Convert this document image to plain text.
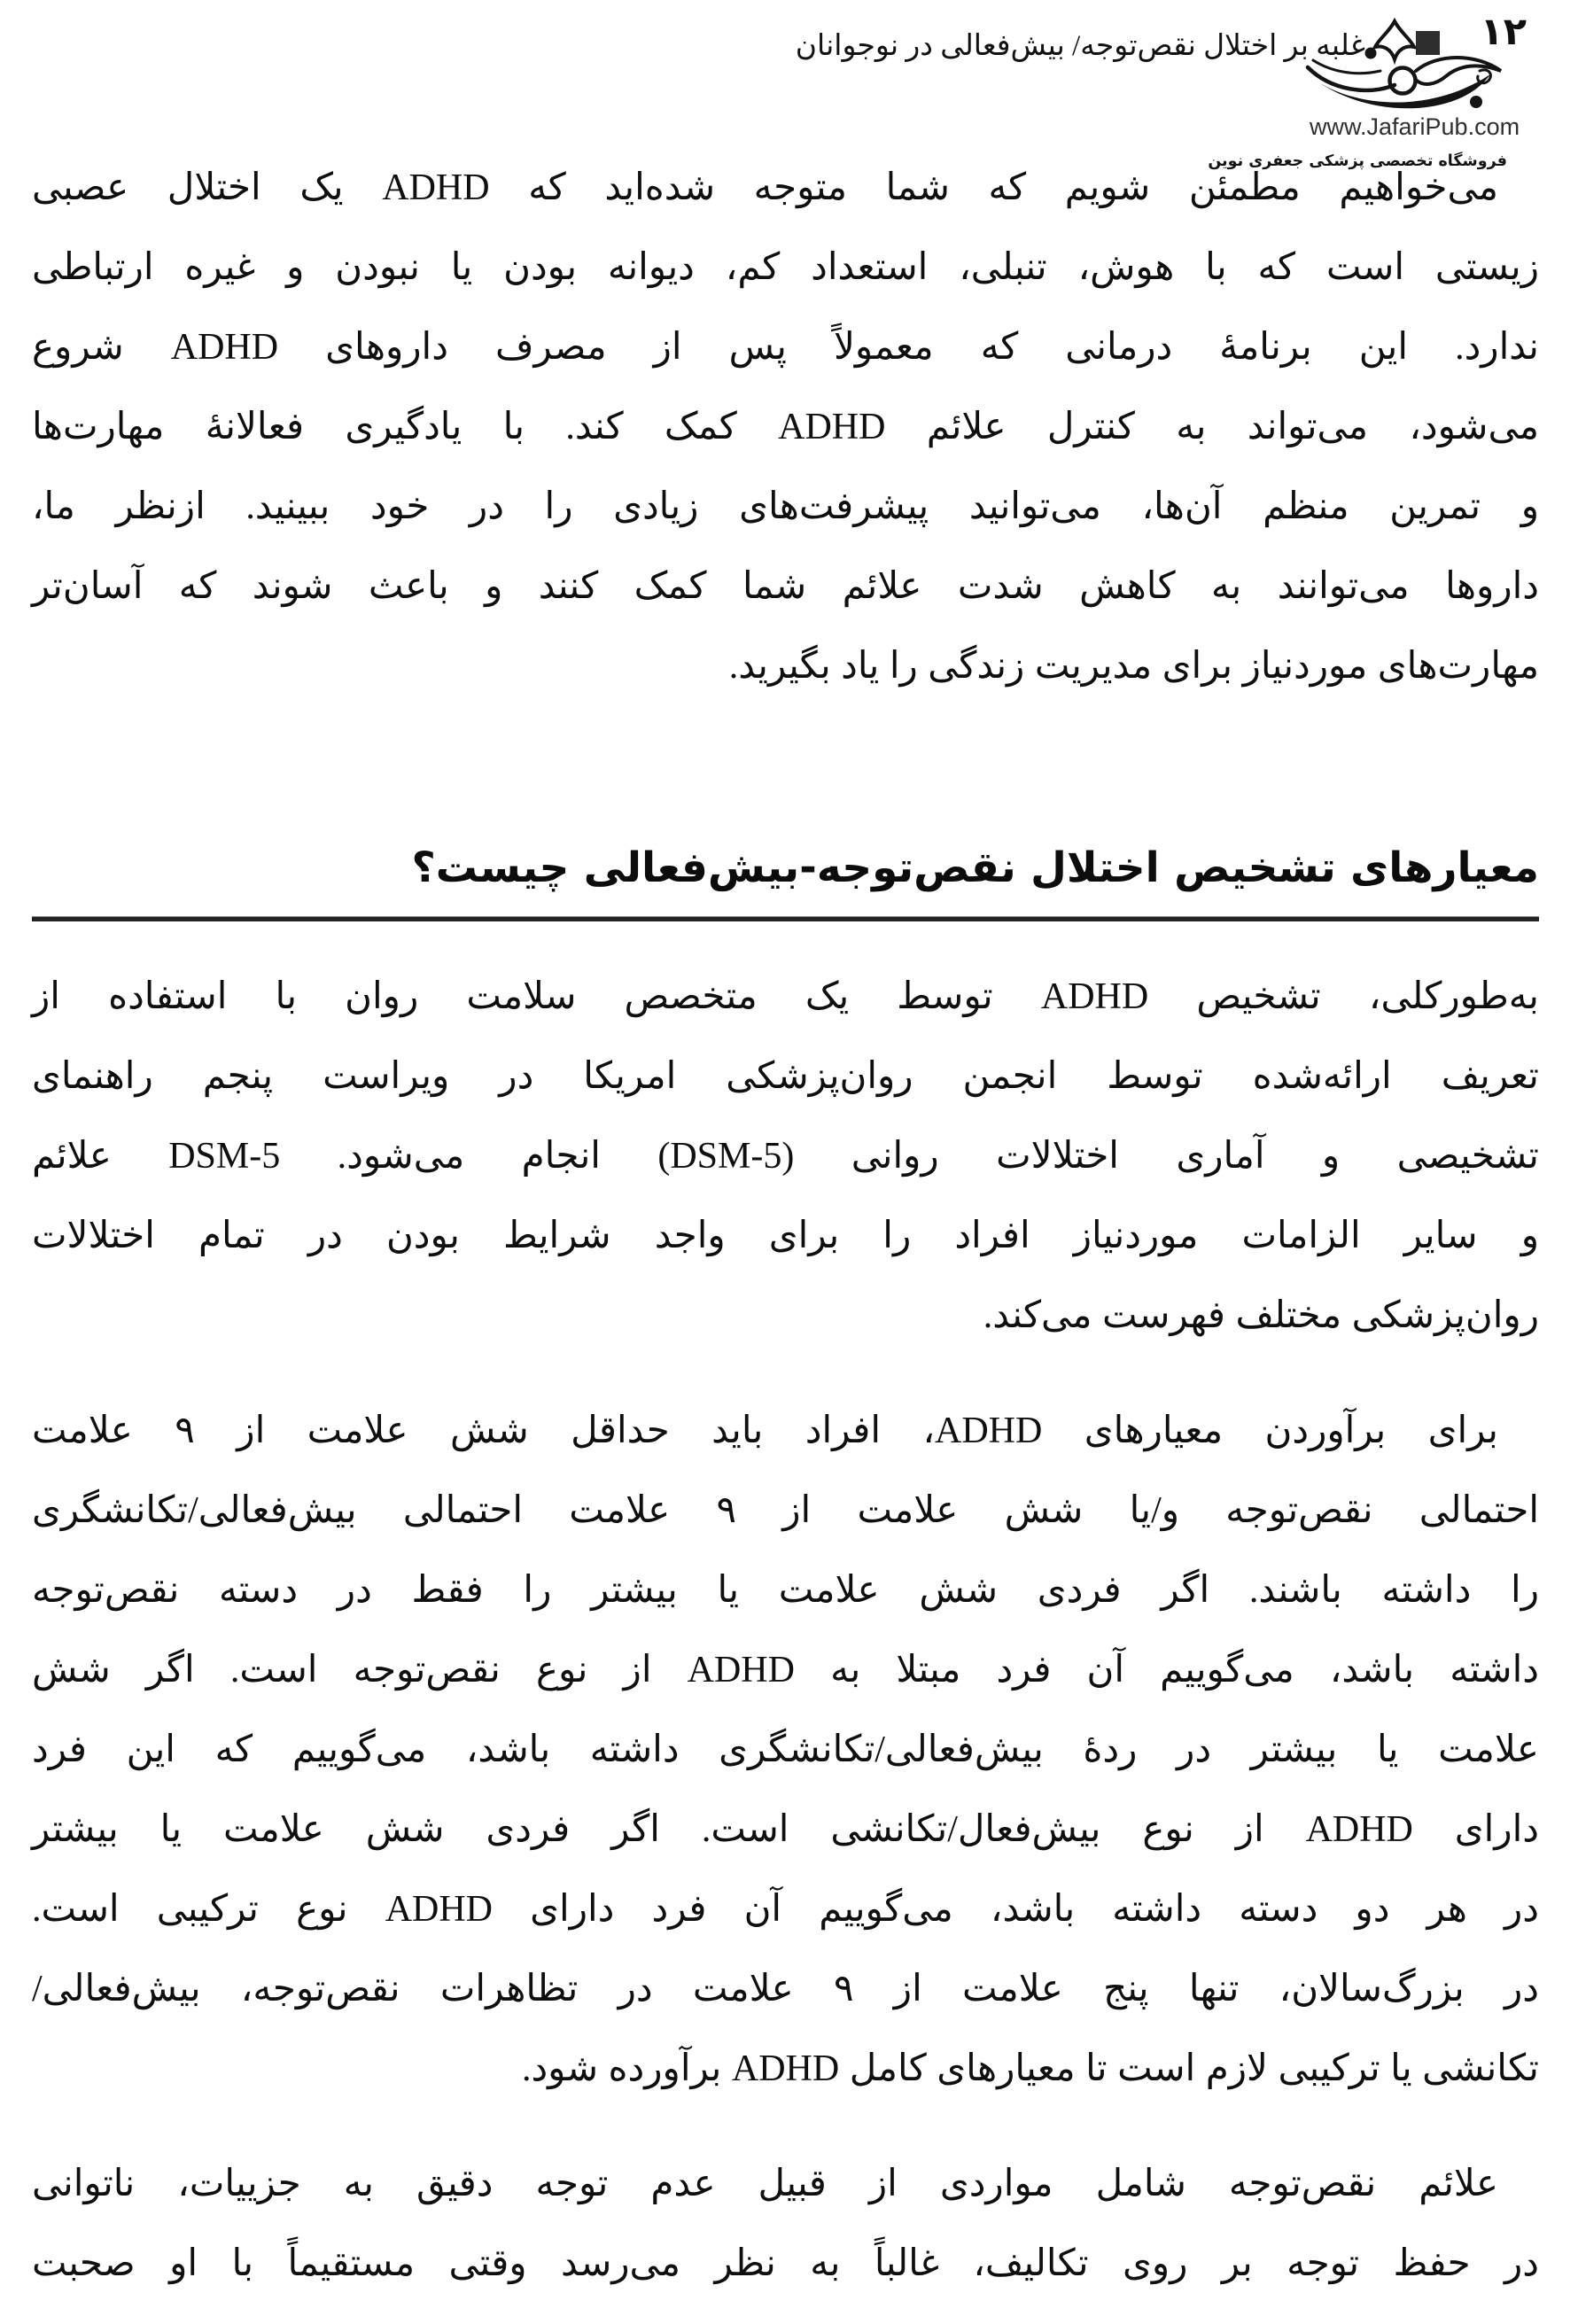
۱۲
غلبه بر اختلال نقص‌توجه/ بیش‌فعالی در نوجوانان
www.JafariPub.com
فروشگاه تخصصی پزشکی جعفری نوین
می‌خواهیم مطمئن شویم که شما متوجه شده‌اید که ADHD یک اختلال عصبی
زیستی است که با هوش، تنبلی، استعداد کم، دیوانه بودن یا نبودن و غیره ارتباطی
ندارد. این برنامهٔ درمانی که معمولاً پس از مصرف داروهای ADHD شروع
می‌شود، می‌تواند به کنترل علائم ADHD کمک کند. با یادگیری فعالانهٔ مهارت‌ها
و تمرین منظم آن‌ها، می‌توانید پیشرفت‌های زیادی را در خود ببینید. ازنظر ما،
داروها می‌توانند به کاهش شدت علائم شما کمک کنند و باعث شوند که آسان‌تر
مهارت‌های موردنیاز برای مدیریت زندگی را یاد بگیرید.
معیارهای تشخیص اختلال نقص‌توجه-بیش‌فعالی چیست؟
به‌طورکلی، تشخیص ADHD توسط یک متخصص سلامت روان با استفاده از
تعریف ارائه‌شده توسط انجمن روان‌پزشکی امریکا در ویراست پنجم راهنمای
تشخیصی و آماری اختلالات روانی (DSM-5) انجام می‌شود. DSM-5 علائم
و سایر الزامات موردنیاز افراد را برای واجد شرایط بودن در تمام اختلالات
روان‌پزشکی مختلف فهرست می‌کند.
برای برآوردن معیارهای ADHD، افراد باید حداقل شش علامت از ۹ علامت
احتمالی نقص‌توجه و/یا شش علامت از ۹ علامت احتمالی بیش‌فعالی/تکانشگری
را داشته باشند. اگر فردی شش علامت یا بیشتر را فقط در دسته نقص‌توجه
داشته باشد، می‌گوییم آن فرد مبتلا به ADHD از نوع نقص‌توجه است. اگر شش
علامت یا بیشتر در ردهٔ بیش‌فعالی/تکانشگری داشته باشد، می‌گوییم که این فرد
دارای ADHD از نوع بیش‌فعال/تکانشی است. اگر فردی شش علامت یا بیشتر
در هر دو دسته داشته باشد، می‌گوییم آن فرد دارای ADHD نوع ترکیبی است.
در بزرگ‌سالان، تنها پنج علامت از ۹ علامت در تظاهرات نقص‌توجه، بیش‌فعالی/
تکانشی یا ترکیبی لازم است تا معیارهای کامل ADHD برآورده شود.
علائم نقص‌توجه شامل مواردی از قبیل عدم توجه دقیق به جزییات، ناتوانی
در حفظ توجه بر روی تکالیف، غالباً به نظر می‌رسد وقتی مستقیماً با او صحبت
